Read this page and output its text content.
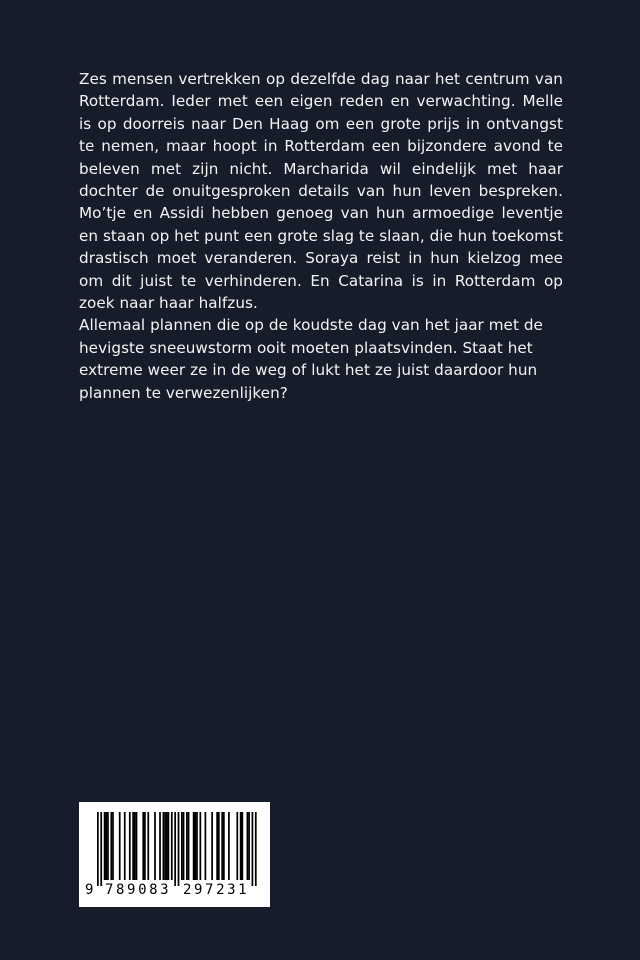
Zes mensen vertrekken op dezelfde dag naar het centrum van Rotterdam. Ieder met een eigen reden en verwachting. Melle is op doorreis naar Den Haag om een grote prijs in ontvangst te nemen, maar hoopt in Rotterdam een bijzondere avond te beleven met zijn nicht. Marcharida wil eindelijk met haar dochter de onuitgesproken details van hun leven bespreken. Mo’tje en Assidi hebben genoeg van hun armoedige leventje en staan op het punt een grote slag te slaan, die hun toekomst drastisch moet veranderen. Soraya reist in hun kielzog mee om dit juist te verhinderen. En Catarina is in Rotterdam op zoek naar haar halfzus.

Allemaal plannen die op de koudste dag van het jaar met de hevigste sneeuwstorm ooit moeten plaatsvinden. Staat het extreme weer ze in de weg of lukt het ze juist daardoor hun plannen te verwezenlijken?

9 789083 297231
